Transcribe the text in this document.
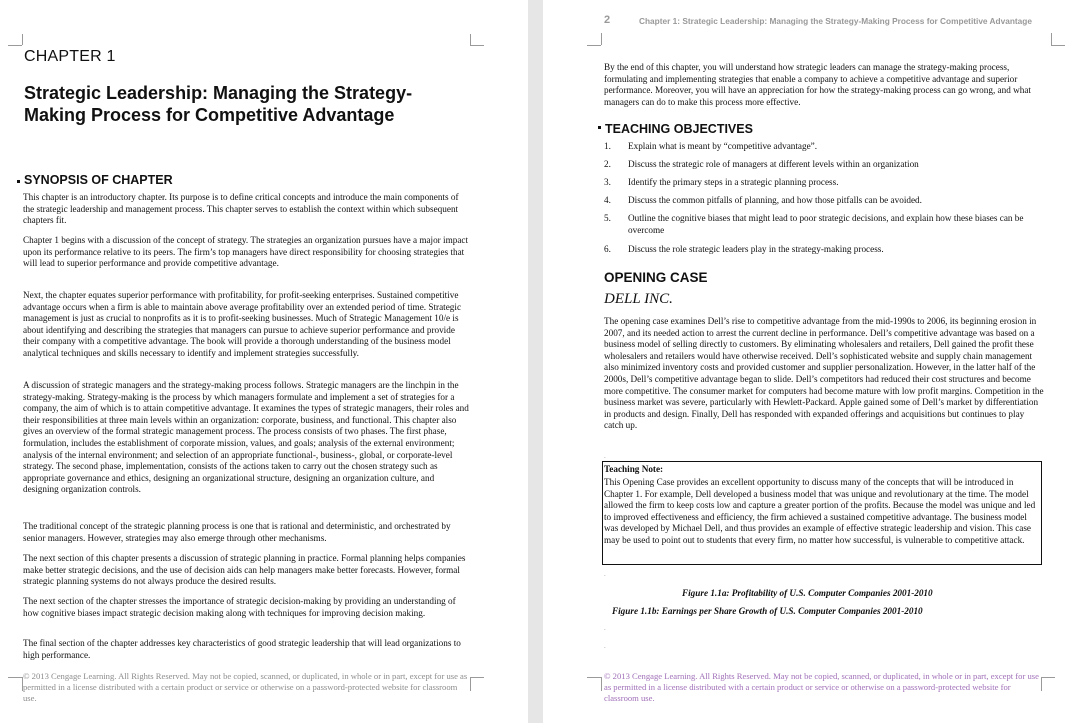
CHAPTER 1
Strategic Leadership: Managing the Strategy-Making Process for Competitive Advantage
SYNOPSIS OF CHAPTER

This chapter is an introductory chapter. Its purpose is to define critical concepts and introduce the main components of the strategic leadership and management process. This chapter serves to establish the context within which subsequent chapters fit.

Chapter 1 begins with a discussion of the concept of strategy. The strategies an organization pursues have a major impact upon its performance relative to its peers. The firm’s top managers have direct responsibility for choosing strategies that will lead to superior performance and provide competitive advantage.

Next, the chapter equates superior performance with profitability, for profit-seeking enterprises. Sustained competitive advantage occurs when a firm is able to maintain above average profitability over an extended period of time. Strategic management is just as crucial to nonprofits as it is to profit-seeking businesses. Much of Strategic Management 10/e is about identifying and describing the strategies that managers can pursue to achieve superior performance and provide their company with a competitive advantage. The book will provide a thorough understanding of the business model analytical techniques and skills necessary to identify and implement strategies successfully.

A discussion of strategic managers and the strategy-making process follows. Strategic managers are the linchpin in the strategy-making. Strategy-making is the process by which managers formulate and implement a set of strategies for a company, the aim of which is to attain competitive advantage. It examines the types of strategic managers, their roles and their responsibilities at three main levels within an organization: corporate, business, and functional. This chapter also gives an overview of the formal strategic management process. The process consists of two phases. The first phase, formulation, includes the establishment of corporate mission, values, and goals; analysis of the external environment; analysis of the internal environment; and selection of an appropriate functional-, business-, global, or corporate-level strategy. The second phase, implementation, consists of the actions taken to carry out the chosen strategy such as appropriate governance and ethics, designing an organizational structure, designing an organization culture, and designing organization controls.

The traditional concept of the strategic planning process is one that is rational and deterministic, and orchestrated by senior managers. However, strategies may also emerge through other mechanisms.

The next section of this chapter presents a discussion of strategic planning in practice. Formal planning helps companies make better strategic decisions, and the use of decision aids can help managers make better forecasts. However, formal strategic planning systems do not always produce the desired results.

The next section of the chapter stresses the importance of strategic decision-making by providing an understanding of how cognitive biases impact strategic decision making along with techniques for improving decision making.

The final section of the chapter addresses key characteristics of good strategic leadership that will lead organizations to high performance.

© 2013 Cengage Learning. All Rights Reserved. May not be copied, scanned, or duplicated, in whole or in part, except for use as permitted in a license distributed with a certain product or service or otherwise on a password-protected website for classroom use.
2	Chapter 1: Strategic Leadership: Managing the Strategy-Making Process for Competitive Advantage

By the end of this chapter, you will understand how strategic leaders can manage the strategy-making process, formulating and implementing strategies that enable a company to achieve a competitive advantage and superior performance. Moreover, you will have an appreciation for how the strategy-making process can go wrong, and what managers can do to make this process more effective.

TEACHING OBJECTIVES
1. Explain what is meant by “competitive advantage”.
2. Discuss the strategic role of managers at different levels within an organization
3. Identify the primary steps in a strategic planning process.
4. Discuss the common pitfalls of planning, and how those pitfalls can be avoided.
5. Outline the cognitive biases that might lead to poor strategic decisions, and explain how these biases can be overcome
6. Discuss the role strategic leaders play in the strategy-making process.
OPENING CASE
DELL INC.

The opening case examines Dell’s rise to competitive advantage from the mid-1990s to 2006, its beginning erosion in 2007, and its needed action to arrest the current decline in performance. Dell’s competitive advantage was based on a business model of selling directly to customers. By eliminating wholesalers and retailers, Dell gained the profit these wholesalers and retailers would have otherwise received. Dell’s sophisticated website and supply chain management also minimized inventory costs and provided customer and supplier personalization. However, in the latter half of the 2000s, Dell’s competitive advantage began to slide. Dell’s competitors had reduced their cost structures and become more competitive. The consumer market for computers had become mature with low profit margins. Competition in the business market was severe, particularly with Hewlett-Packard. Apple gained some of Dell’s market by differentiation in products and design. Finally, Dell has responded with expanded offerings and acquisitions but continues to play catch up.

.
Teaching Note:

This Opening Case provides an excellent opportunity to discuss many of the concepts that will be introduced in Chapter 1. For example, Dell developed a business model that was unique and revolutionary at the time. The model allowed the firm to keep costs low and capture a greater portion of the profits. Because the model was unique and led to improved effectiveness and efficiency, the firm achieved a sustained competitive advantage. The business model was developed by Michael Dell, and thus provides an example of effective strategic leadership and vision. This case may be used to point out to students that every firm, no matter how successful, is vulnerable to competitive attack.

.
Figure 1.1a: Profitability of U.S. Computer Companies 2001-2010
Figure 1.1b: Earnings per Share Growth of U.S. Computer Companies 2001-2010
.
.
© 2013 Cengage Learning. All Rights Reserved. May not be copied, scanned, or duplicated, in whole or in part, except for use as permitted in a license distributed with a certain product or service or otherwise on a password-protected website for classroom use.
